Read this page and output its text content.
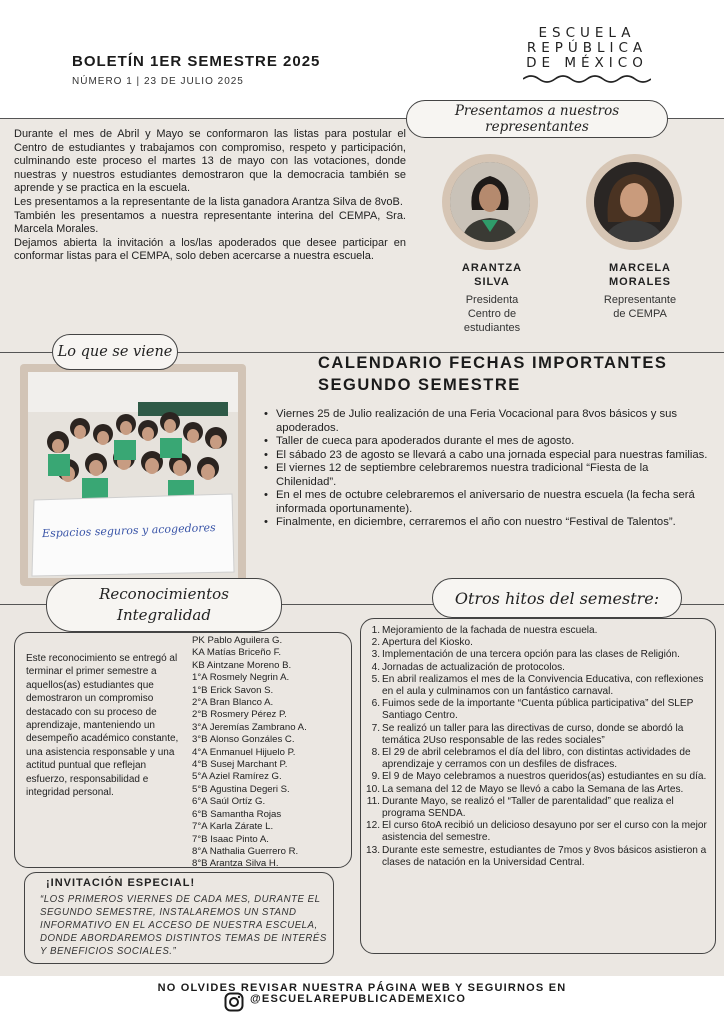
BOLETÍN 1ER SEMESTRE 2025
NÚMERO 1 | 23 DE JULIO 2025
ESCUELA
REPÚBLICA
DE MÉXICO
Presentamos a nuestros representantes

Durante el mes de Abril y Mayo se conformaron las listas para postular el Centro de estudiantes y trabajamos con compromiso, respeto y participación, culminando este proceso el martes 13 de mayo con las votaciones, donde nuestras y nuestros estudiantes demostraron que la democracia también se aprende y se practica en la escuela.

Les presentamos a la representante de la lista ganadora Arantza Silva de 8voB.

También les presentamos a nuestra representante interina del CEMPA, Sra. Marcela Morales.

Dejamos abierta la invitación a los/las apoderados que desee participar en conformar listas para el CEMPA, solo deben acercarse a nuestra escuela.

ARANTZA
SILVA
Presidenta
Centro de
estudiantes
MARCELA
MORALES
Representante
de CEMPA
Espacios seguros y acogedores
Lo que se viene
CALENDARIO FECHAS IMPORTANTES
SEGUNDO SEMESTRE
• Viernes 25 de Julio realización de una Feria Vocacional para 8vos básicos y sus apoderados.
• Taller de cueca para apoderados durante el mes de agosto.
• El sábado 23 de agosto se llevará a cabo una jornada especial para nuestras familias.
• El viernes 12 de septiembre celebraremos nuestra tradicional “Fiesta de la Chilenidad”.
• En el mes de octubre celebraremos el aniversario de nuestra escuela (la fecha será informada oportunamente).
• Finalmente, en diciembre, cerraremos el año con nuestro “Festival de Talentos”.
Reconocimientos
Integralidad
Este reconocimiento se entregó al terminar el primer semestre a aquellos(as) estudiantes que demostraron un compromiso destacado con su proceso de aprendizaje, manteniendo un desempeño académico constante, una asistencia responsable y una actitud puntual que reflejan esfuerzo, responsabilidad e integridad personal.
PK Pablo Aguilera G.
KA Matías Briceño F.
KB Aintzane Moreno B.
1°A Rosmely Negrin A.
1°B Erick Savon S.
2°A Bran Blanco A.
2°B Rosmery Pérez P.
3°A Jeremías Zambrano A.
3°B Alonso Gonzáles C.
4°A Enmanuel Hijuelo P.
4°B Susej Marchant P.
5°A Aziel Ramírez G.
5°B Agustina Degeri S.
6°A Saúl Ortíz G.
6°B Samantha Rojas
7°A Karla Zárate L.
7°B Isaac Pinto A.
8°A Nathalia Guerrero R.
8°B Arantza Silva H.
¡INVITACIÓN ESPECIAL!
“LOS PRIMEROS VIERNES DE CADA MES, DURANTE EL SEGUNDO SEMESTRE, INSTALAREMOS UN STAND INFORMATIVO EN EL ACCESO DE NUESTRA ESCUELA, DONDE ABORDAREMOS DISTINTOS TEMAS DE INTERÉS Y BENEFICIOS SOCIALES.”
Otros hitos del semestre:
1. Mejoramiento de la fachada de nuestra escuela.
2. Apertura del Kiosko.
3. Implementación de una tercera opción para las clases de Religión.
4. Jornadas de actualización de protocolos.
5. En abril realizamos el mes de la Convivencia Educativa, con reflexiones en el aula y culminamos con un fantástico carnaval.
6. Fuimos sede de la importante “Cuenta pública participativa” del SLEP Santiago Centro.
7. Se realizó un taller para las directivas de curso, donde se abordó la temática 2Uso responsable de las redes sociales”
8. El 29 de abril celebramos el día del libro, con distintas actividades de aprendizaje y cerramos con un desfiles de disfraces.
9. El 9 de Mayo celebramos a nuestros queridos(as) estudiantes en su día.
10. La semana del 12 de Mayo se llevó a cabo la Semana de las Artes.
11. Durante Mayo, se realizó el “Taller de parentalidad” que realiza el programa SENDA.
12. El curso 6toA recibió un delicioso desayuno por ser el curso con la mejor asistencia del semestre.
13. Durante este semestre, estudiantes de 7mos y 8vos básicos asistieron a clases de natación en la Universidad Central.
NO OLVIDES REVISAR NUESTRA PÁGINA WEB Y SEGUIRNOS EN
@ESCUELAREPUBLICADEMEXICO
